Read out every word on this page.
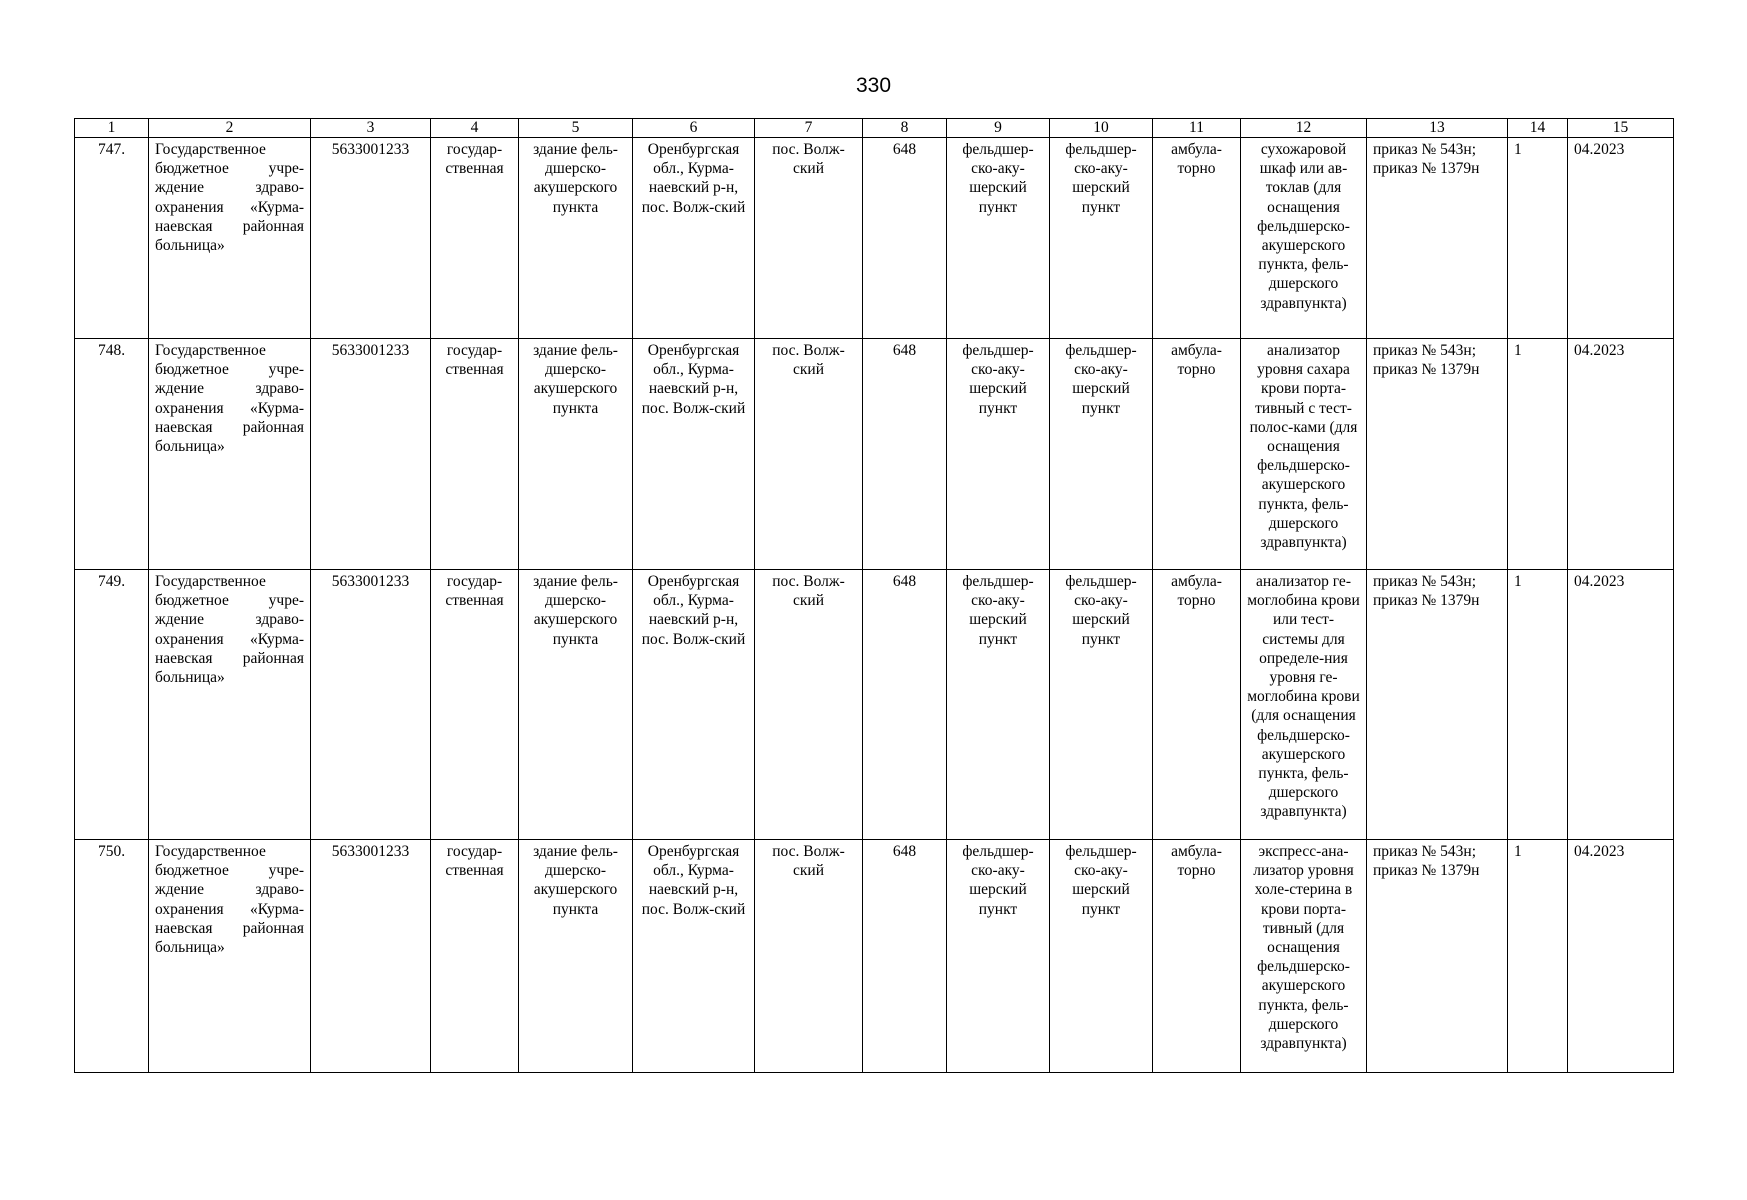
330
1	2	3	4	5	6	7	8	9	10	11	12	13	14	15
747.	Государственное бюджетное учре-ждение здраво-охранения «Курма-наевская районная больница»	5633001233	государ-ственная	здание фель-дшерско-акушерского пункта	Оренбургская обл., Курма-наевский р-н, пос. Волж-ский	пос. Волж-ский	648	фельдшер-ско-аку-шерский пункт	фельдшер-ско-аку-шерский пункт	амбула-торно	сухожаровой шкаф или ав-токлав (для оснащения фельдшерско-акушерского пункта, фель-дшерского здравпункта)	приказ № 543н; приказ № 1379н	1	04.2023
748.	Государственное бюджетное учре-ждение здраво-охранения «Курма-наевская районная больница»	5633001233	государ-ственная	здание фель-дшерско-акушерского пункта	Оренбургская обл., Курма-наевский р-н, пос. Волж-ский	пос. Волж-ский	648	фельдшер-ско-аку-шерский пункт	фельдшер-ско-аку-шерский пункт	амбула-торно	анализатор уровня сахара крови порта-тивный с тест-полос-ками (для оснащения фельдшерско-акушерского пункта, фель-дшерского здравпункта)	приказ № 543н; приказ № 1379н	1	04.2023
749.	Государственное бюджетное учре-ждение здраво-охранения «Курма-наевская районная больница»	5633001233	государ-ственная	здание фель-дшерско-акушерского пункта	Оренбургская обл., Курма-наевский р-н, пос. Волж-ский	пос. Волж-ский	648	фельдшер-ско-аку-шерский пункт	фельдшер-ско-аку-шерский пункт	амбула-торно	анализатор ге-моглобина крови или тест-системы для определе-ния уровня ге-моглобина крови (для оснащения фельдшерско-акушерского пункта, фель-дшерского здравпункта)	приказ № 543н; приказ № 1379н	1	04.2023
750.	Государственное бюджетное учре-ждение здраво-охранения «Курма-наевская районная больница»	5633001233	государ-ственная	здание фель-дшерско-акушерского пункта	Оренбургская обл., Курма-наевский р-н, пос. Волж-ский	пос. Волж-ский	648	фельдшер-ско-аку-шерский пункт	фельдшер-ско-аку-шерский пункт	амбула-торно	экспресс-ана-лизатор уровня холе-стерина в крови порта-тивный (для оснащения фельдшерско-акушерского пункта, фель-дшерского здравпункта)	приказ № 543н; приказ № 1379н	1	04.2023
